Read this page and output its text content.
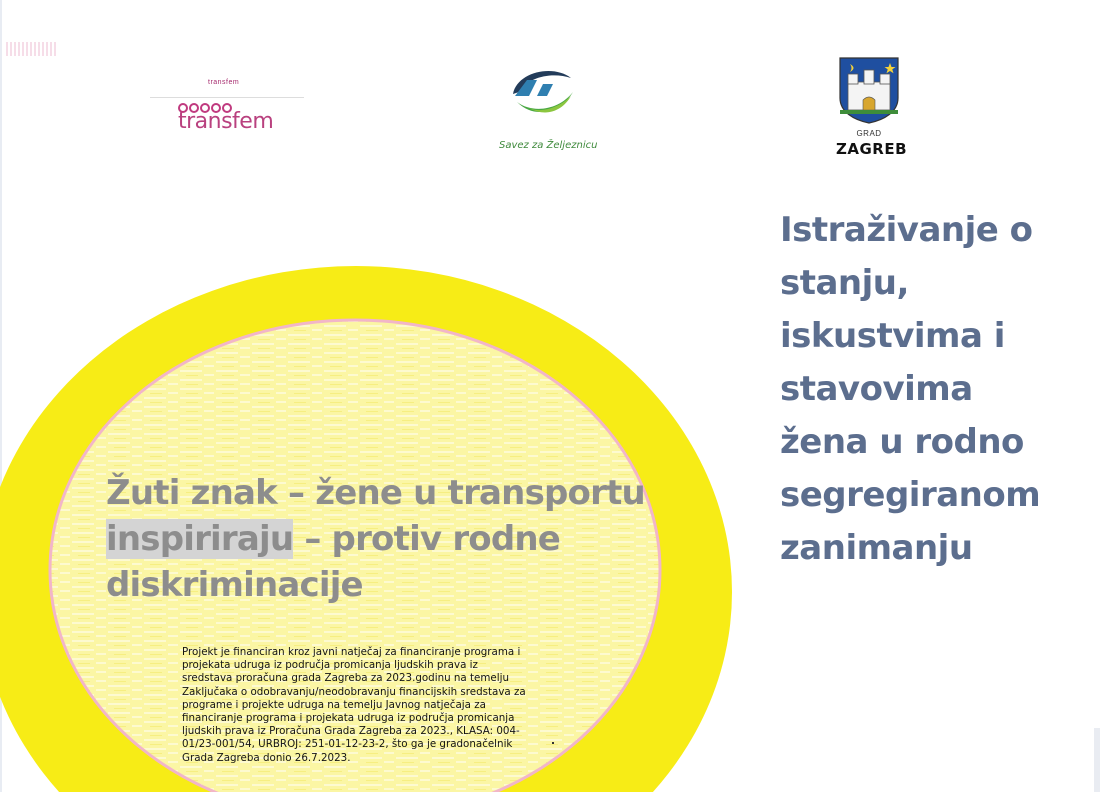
transfem
transfem
Savez za Željeznicu
GRAD
ZAGREB
Žuti znak – žene u transportu
inspiriraju – protiv rodne
diskriminacije
Projekt je financiran kroz javni natječaj za financiranje programa i projekata udruga iz područja promicanja ljudskih prava iz sredstava proračuna grada Zagreba za 2023.godinu na temelju Zaključaka o odobravanju/neodobravanju financijskih sredstava za programe i projekte udruga na temelju Javnog natječaja za financiranje programa i projekata udruga iz područja promicanja ljudskih prava iz Proračuna Grada Zagreba za 2023., KLASA: 004-01/23-001/54, URBROJ: 251-01-12-23-2, što ga je gradonačelnik Grada Zagreba donio 26.7.2023.
Istraživanje o
stanju,
iskustvima i
stavovima
žena u rodno
segregiranom
zanimanju
